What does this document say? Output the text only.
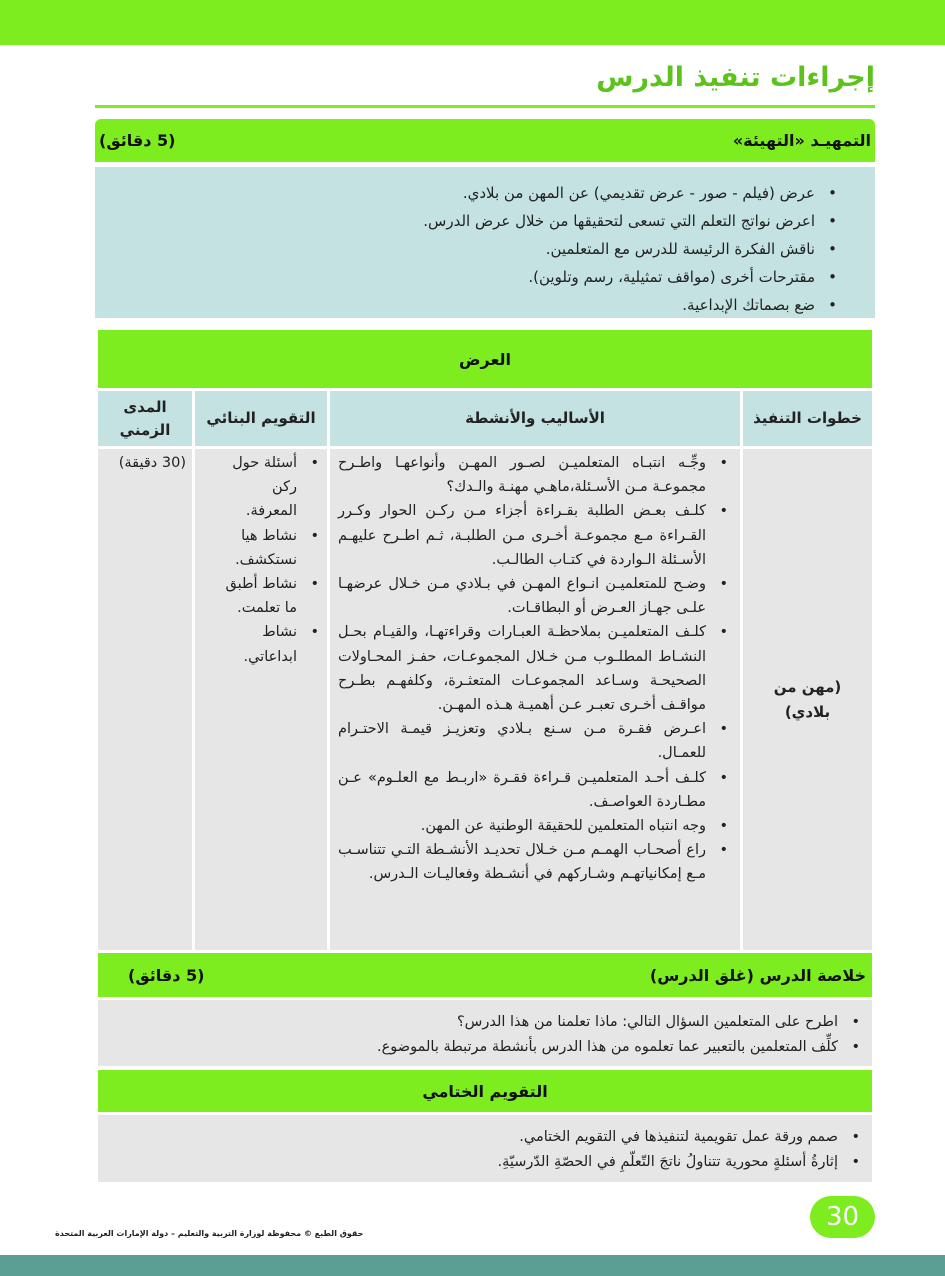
إجراءات تنفيذ الدرس
التمهيـد «التهيئة»
(5 دقائق)
• عرض (فيلم - صور - عرض تقديمي) عن المهن من بلادي.
• اعرض نواتج التعلم التي تسعى لتحقيقها من خلال عرض الدرس.
• ناقش الفكرة الرئيسة للدرس مع المتعلمين.
• مقترحات أخرى (مواقف تمثيلية، رسم وتلوين).
• ضع بصماتك الإبداعية.
العرض
خطوات التنفيذ
الأساليب والأنشطة
التقويم البنائي
المدى الزمني
(مهن من بلادي)
• وجِّـه انتبـاه المتعلميـن لصـور المهـن وأنواعهـا واطـرح مجموعـة مـن الأسـئلة،ماهـي مهنـة والـدك؟
• كلـف بعـض الطلبة بقـراءة أجزاء مـن ركـن الحوار وكـرر القـراءة مـع مجموعـة أخـرى مـن الطلبـة، ثـم اطـرح عليهـم الأسـئلة الـواردة في كتـاب الطالـب.
• وضـح للمتعلميـن انـواع المهـن في بـلادي مـن خـلال عرضهـا علـى جهـاز العـرض أو البطاقـات.
• كلـف المتعلميـن بملاحظـة العبـارات وقراءتهـا، والقيـام بحـل النشـاط المطلـوب مـن خـلال المجموعـات، حفـز المحـاولات الصحيحـة وسـاعد المجموعـات المتعثـرة، وكلفهـم بطـرح مواقـف أخـرى تعبـر عـن أهميـة هـذه المهـن.
• اعـرض فقـرة مـن سـنع بـلادي وتعزيـز قيمـة الاحتـرام للعمـال.
• كلـف أحـد المتعلميـن قـراءة فقـرة «اربـط مع العلـوم» عـن مطـاردة العواصـف.
• وجه انتباه المتعلمين للحقيقة الوطنية عن المهن.
• راع أصحـاب الهمـم مـن خـلال تحديـد الأنشـطة التـي تتناسـب مـع إمكانياتهـم وشـاركهم في أنشـطة وفعاليـات الـدرس.
• أسئلة حول ركن المعرفة.
• نشاط هيا نستكشف.
• نشاط أطبق ما تعلمت.
• نشاط ابداعاتي.
(30 دقيقة)
خلاصة الدرس (غلق الدرس)
(5 دقائق)
• اطرح على المتعلمين السؤال التالي: ماذا تعلمنا من هذا الدرس؟
• كلِّف المتعلمين بالتعبير عما تعلموه من هذا الدرس بأنشطة مرتبطة بالموضوع.
التقويم الختامي
• صمم ورقة عمل تقويمية لتنفيذها في التقويم الختامي.
• إثارةُ أسئلةٍ محورية تتناولُ ناتجَ التّعلّمِ في الحصّةِ الدّرسيّةِ.
30
حقوق الطبع © محفوظة لوزارة التربية والتعليم – دولة الإمارات العربية المتحدة
